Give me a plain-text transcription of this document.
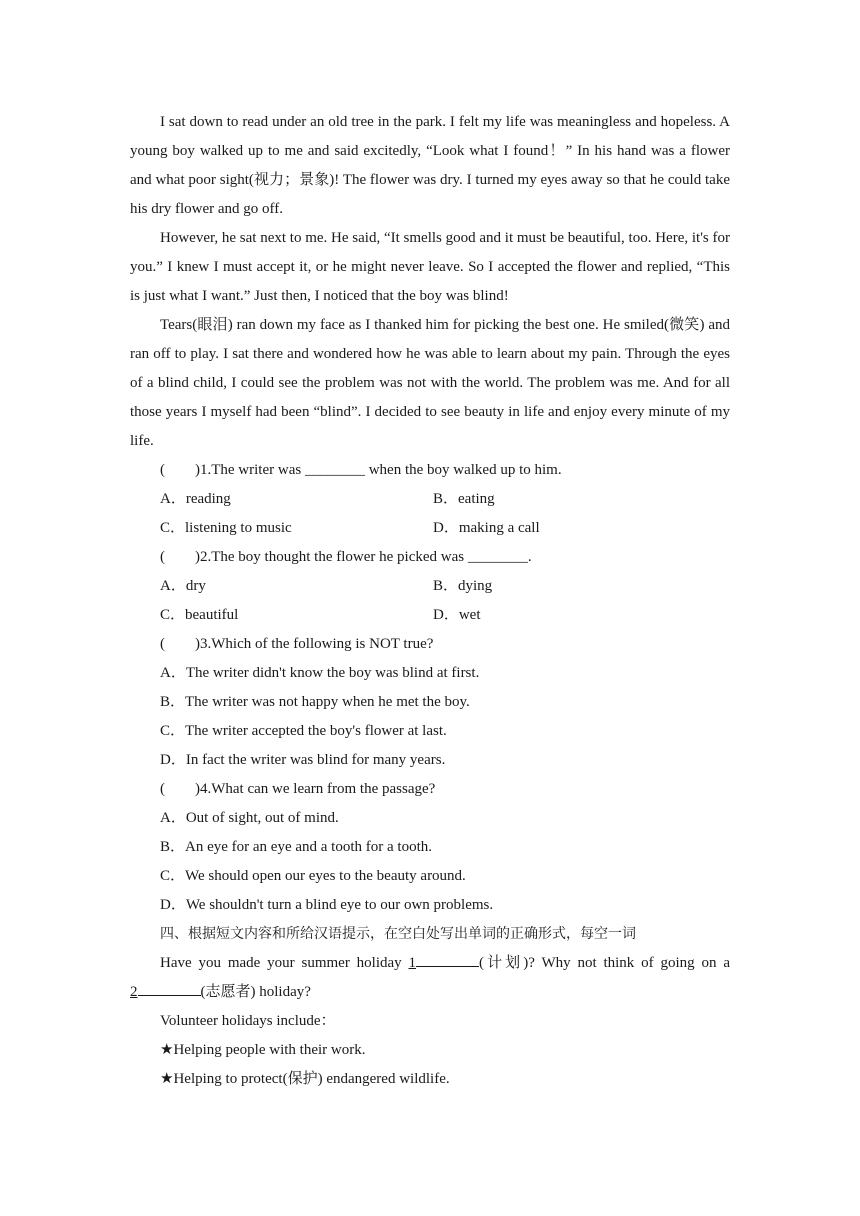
I sat down to read under an old tree in the park. I felt my life was meaningless and hopeless. A young boy walked up to me and said excitedly, “Look what I found！” In his hand was a flower and what poor sight(视力；景象)! The flower was dry. I turned my eyes away so that he could take his dry flower and go off.

However, he sat next to me. He said, “It smells good and it must be beautiful, too. Here, it's for you.” I knew I must accept it, or he might never leave. So I accepted the flower and replied, “This is just what I want.” Just then, I noticed that the boy was blind!

Tears(眼泪) ran down my face as I thanked him for picking the best one. He smiled(微笑) and ran off to play. I sat there and wondered how he was able to learn about my pain. Through the eyes of a blind child, I could see the problem was not with the world. The problem was me. And for all those years I myself had been “blind”. I decided to see beauty in life and enjoy every minute of my life.

(　　)1.The writer was ________ when the boy walked up to him.
A．reading	B．eating
C．listening to music	D．making a call
(　　)2.The boy thought the flower he picked was ________.
A．dry	B．dying
C．beautiful	D．wet
(　　)3.Which of the following is NOT true?
A．The writer didn't know the boy was blind at first.
B．The writer was not happy when he met the boy.
C．The writer accepted the boy's flower at last.
D．In fact the writer was blind for many years.
(　　)4.What can we learn from the passage?
A．Out of sight, out of mind.
B．An eye for an eye and a tooth for a tooth.
C．We should open our eyes to the beauty around.
D．We shouldn't turn a blind eye to our own problems.
四、根据短文内容和所给汉语提示，在空白处写出单词的正确形式，每空一词
Have you made your summer holiday 1	(计划)? Why not think of going on a
2	(志愿者) holiday?
Volunteer holidays include：
★Helping people with their work.
★Helping to protect(保护) endangered wildlife.
